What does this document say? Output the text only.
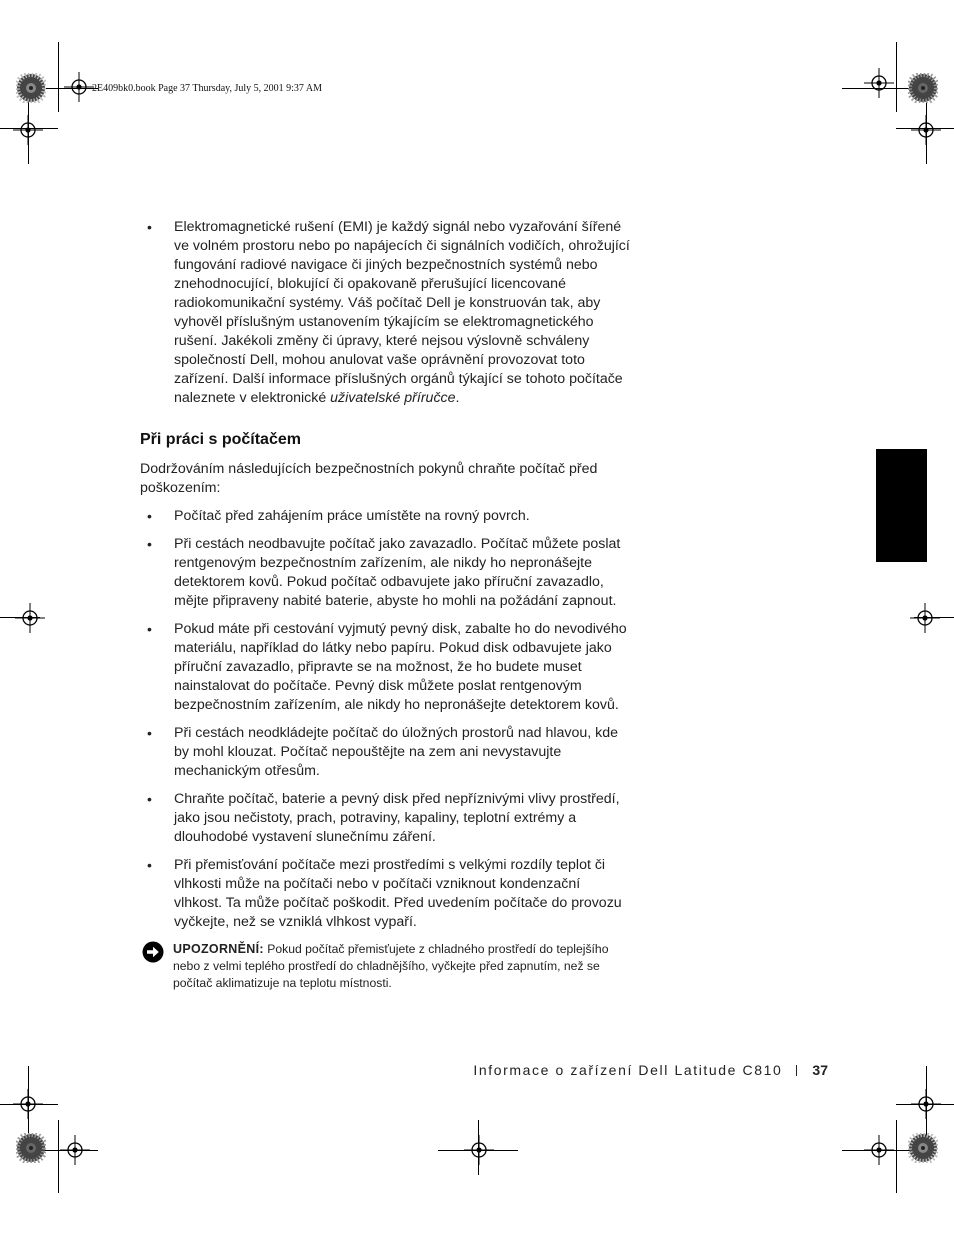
2E409bk0.book Page 37 Thursday, July 5, 2001 9:37 AM
• Elektromagnetické rušení (EMI) je každý signál nebo vyzařování šířené ve volném prostoru nebo po napájecích či signálních vodičích, ohrožující fungování radiové navigace či jiných bezpečnostních systémů nebo znehodnocující, blokující či opakovaně přerušující licencované radiokomunikační systémy. Váš počítač Dell je konstruován tak, aby vyhověl příslušným ustanovením týkajícím se elektromagnetického rušení. Jakékoli změny či úpravy, které nejsou výslovně schváleny společností Dell, mohou anulovat vaše oprávnění provozovat toto zařízení. Další informace příslušných orgánů týkající se tohoto počítače naleznete v elektronické uživatelské příručce.
Při práci s počítačem

Dodržováním následujících bezpečnostních pokynů chraňte počítač před poškozením:

• Počítač před zahájením práce umístěte na rovný povrch.
• Při cestách neodbavujte počítač jako zavazadlo. Počítač můžete poslat rentgenovým bezpečnostním zařízením, ale nikdy ho nepronášejte detektorem kovů. Pokud počítač odbavujete jako příruční zavazadlo, mějte připraveny nabité baterie, abyste ho mohli na požádání zapnout.
• Pokud máte při cestování vyjmutý pevný disk, zabalte ho do nevodivého materiálu, například do látky nebo papíru. Pokud disk odbavujete jako příruční zavazadlo, připravte se na možnost, že ho budete muset nainstalovat do počítače. Pevný disk můžete poslat rentgenovým bezpečnostním zařízením, ale nikdy ho nepronášejte detektorem kovů.
• Při cestách neodkládejte počítač do úložných prostorů nad hlavou, kde by mohl klouzat. Počítač nepouštějte na zem ani nevystavujte mechanickým otřesům.
• Chraňte počítač, baterie a pevný disk před nepříznivými vlivy prostředí, jako jsou nečistoty, prach, potraviny, kapaliny, teplotní extrémy a dlouhodobé vystavení slunečnímu záření.
• Při přemisťování počítače mezi prostředími s velkými rozdíly teplot či vlhkosti může na počítači nebo v počítači vzniknout kondenzační vlhkost. Ta může počítač poškodit. Před uvedením počítače do provozu vyčkejte, než se vzniklá vlhkost vypaří.
UPOZORNĚNÍ: Pokud počítač přemisťujete z chladného prostředí do teplejšího nebo z velmi teplého prostředí do chladnějšího, vyčkejte před zapnutím, než se počítač aklimatizuje na teplotu místnosti.
Informace o zařízení Dell Latitude C810 37
